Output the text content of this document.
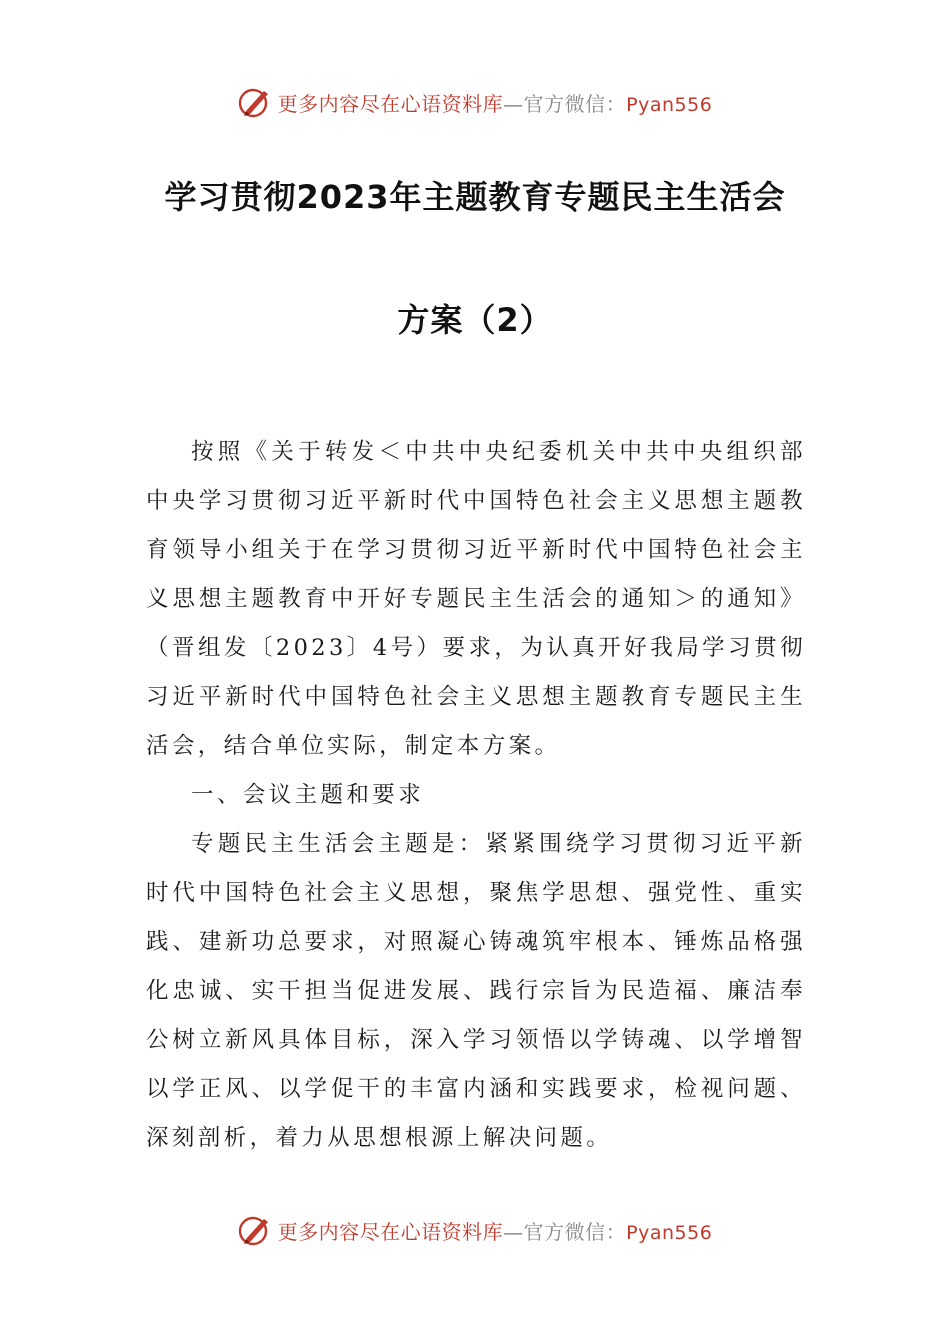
更多内容尽在心语资料库—官方微信：Pyan556
学习贯彻2023年主题教育专题民主生活会
方案（2）

按照《关于转发＜中共中央纪委机关中共中央组织部中央学习贯彻习近平新时代中国特色社会主义思想主题教育领导小组关于在学习贯彻习近平新时代中国特色社会主义思想主题教育中开好专题民主生活会的通知＞的通知》（晋组发〔2023〕4号）要求，为认真开好我局学习贯彻习近平新时代中国特色社会主义思想主题教育专题民主生活会，结合单位实际，制定本方案。

一、会议主题和要求

专题民主生活会主题是：紧紧围绕学习贯彻习近平新时代中国特色社会主义思想，聚焦学思想、强党性、重实践、建新功总要求，对照凝心铸魂筑牢根本、锤炼品格强化忠诚、实干担当促进发展、践行宗旨为民造福、廉洁奉公树立新风具体目标，深入学习领悟以学铸魂、以学增智以学正风、以学促干的丰富内涵和实践要求，检视问题、深刻剖析，着力从思想根源上解决问题。

更多内容尽在心语资料库—官方微信：Pyan556
